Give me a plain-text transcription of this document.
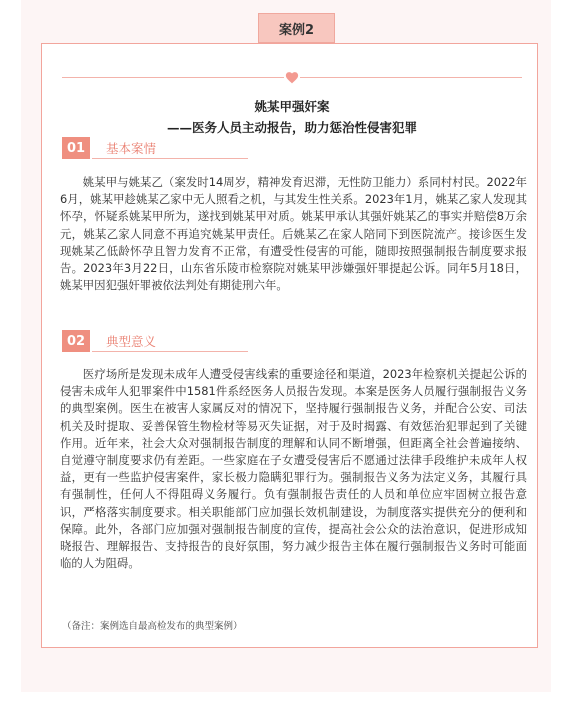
案例2
姚某甲强奸案
——医务人员主动报告，助力惩治性侵害犯罪
01	基本案情

姚某甲与姚某乙（案发时14周岁，精神发育迟滞，无性防卫能力）系同村村民。2022年6月，姚某甲趁姚某乙家中无人照看之机，与其发生性关系。2023年1月，姚某乙家人发现其怀孕，怀疑系姚某甲所为，遂找到姚某甲对质。姚某甲承认其强奸姚某乙的事实并赔偿8万余元，姚某乙家人同意不再追究姚某甲责任。后姚某乙在家人陪同下到医院流产。接诊医生发现姚某乙低龄怀孕且智力发育不正常，有遭受性侵害的可能，随即按照强制报告制度要求报告。2023年3月22日，山东省乐陵市检察院对姚某甲涉嫌强奸罪提起公诉。同年5月18日，姚某甲因犯强奸罪被依法判处有期徒刑六年。

02	典型意义

医疗场所是发现未成年人遭受侵害线索的重要途径和渠道，2023年检察机关提起公诉的侵害未成年人犯罪案件中1581件系经医务人员报告发现。本案是医务人员履行强制报告义务的典型案例。医生在被害人家属反对的情况下，坚持履行强制报告义务，并配合公安、司法机关及时提取、妥善保管生物检材等易灭失证据，对于及时揭露、有效惩治犯罪起到了关键作用。近年来，社会大众对强制报告制度的理解和认同不断增强，但距离全社会普遍接纳、自觉遵守制度要求仍有差距。一些家庭在子女遭受侵害后不愿通过法律手段维护未成年人权益，更有一些监护侵害案件，家长极力隐瞒犯罪行为。强制报告义务为法定义务，其履行具有强制性，任何人不得阻碍义务履行。负有强制报告责任的人员和单位应牢固树立报告意识，严格落实制度要求。相关职能部门应加强长效机制建设，为制度落实提供充分的便利和保障。此外，各部门应加强对强制报告制度的宣传，提高社会公众的法治意识，促进形成知晓报告、理解报告、支持报告的良好氛围，努力减少报告主体在履行强制报告义务时可能面临的人为阻碍。

（备注：案例选自最高检发布的典型案例）
